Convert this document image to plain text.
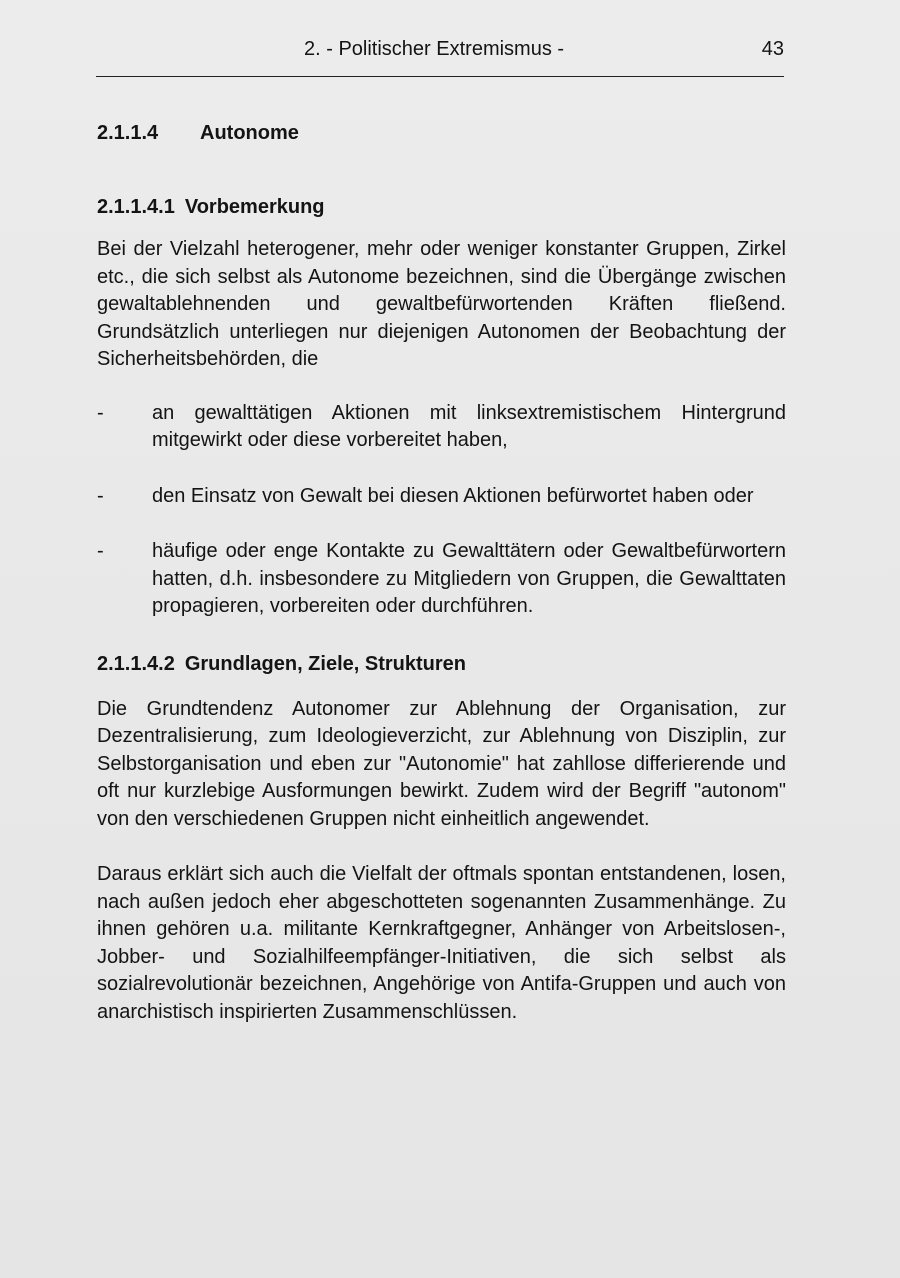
2. - Politischer Extremismus -	43
2.1.1.4 Autonome
2.1.1.4.1 Vorbemerkung

Bei der Vielzahl heterogener, mehr oder weniger konstanter Gruppen, Zirkel etc., die sich selbst als Autonome bezeichnen, sind die Übergänge zwischen gewaltablehnenden und gewaltbefürwortenden Kräften fließend. Grundsätzlich unterliegen nur diejenigen Autonomen der Beobachtung der Sicherheitsbehörden, die

- an gewalttätigen Aktionen mit linksextremistischem Hintergrund mitgewirkt oder diese vorbereitet haben,

- den Einsatz von Gewalt bei diesen Aktionen befürwortet haben oder

- häufige oder enge Kontakte zu Gewalttätern oder Gewaltbefürwortern hatten, d.h. insbesondere zu Mitgliedern von Gruppen, die Gewalttaten propagieren, vorbereiten oder durchführen.

2.1.1.4.2 Grundlagen, Ziele, Strukturen

Die Grundtendenz Autonomer zur Ablehnung der Organisation, zur Dezentralisierung, zum Ideologieverzicht, zur Ablehnung von Disziplin, zur Selbstorganisation und eben zur "Autonomie" hat zahllose differierende und oft nur kurzlebige Ausformungen bewirkt. Zudem wird der Begriff "autonom" von den verschiedenen Gruppen nicht einheitlich angewendet.

Daraus erklärt sich auch die Vielfalt der oftmals spontan entstandenen, losen, nach außen jedoch eher abgeschotteten sogenannten Zusammenhänge. Zu ihnen gehören u.a. militante Kernkraftgegner, Anhänger von Arbeitslosen-, Jobber- und Sozialhilfeempfänger-Initiativen, die sich selbst als sozialrevolutionär bezeichnen, Angehörige von Antifa-Gruppen und auch von anarchistisch inspirierten Zusammenschlüssen.
